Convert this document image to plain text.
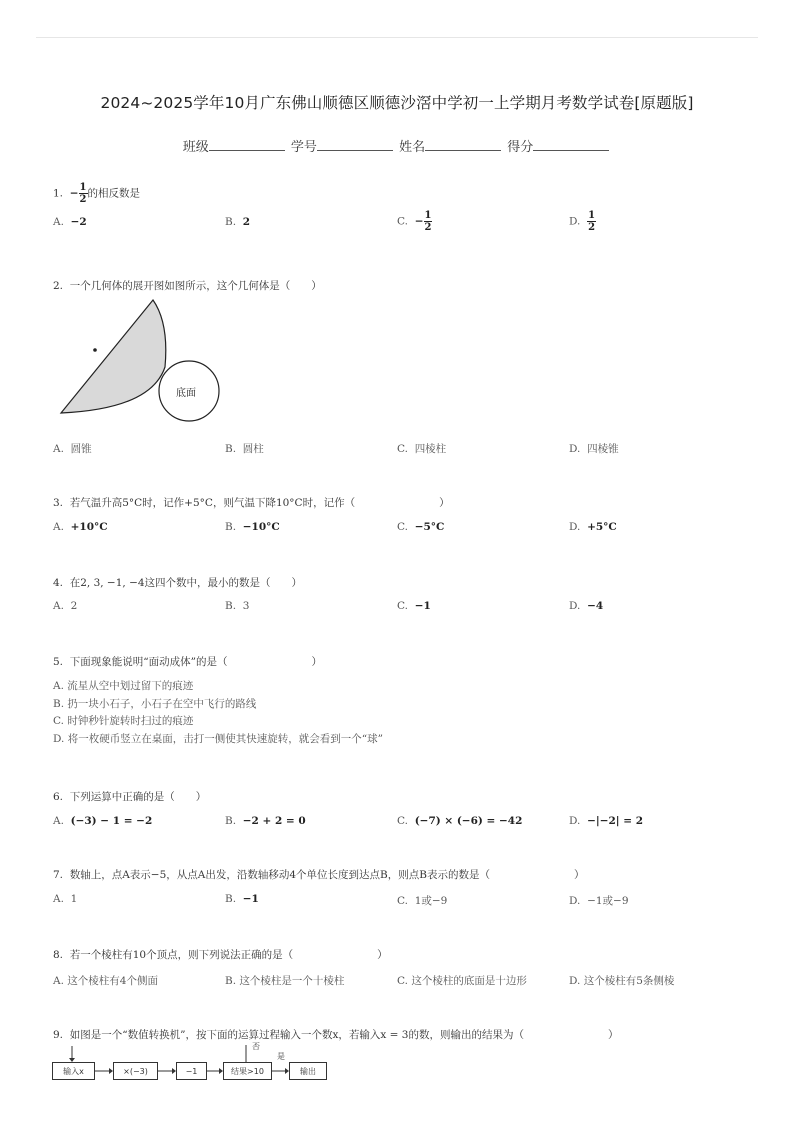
2024~2025学年10月广东佛山顺德区顺德沙滘中学初一上学期月考数学试卷[原题版]
班级	学号	姓名	得分
1. − $\frac{1}{2}$ 的相反数是
A. −2	B. 2	C. − $\frac{1}{2}$	D. $\frac{1}{2}$
2. 一个几何体的展开图如图所示，这个几何体是（　　）
底面
A. 圆锥	B. 圆柱	C. 四棱柱	D. 四棱锥
3. 若气温升高5°C时，记作+5°C，则气温下降10°C时，记作（　　　　　　　　）
A. +10°C	B. −10°C	C. −5°C	D. +5°C
4. 在2, 3, −1, −4这四个数中，最小的数是（　　）
A. 2	B. 3	C. −1	D. −4
5. 下面现象能说明“面动成体”的是（　　　　　　　　）
A. 流星从空中划过留下的痕迹
B. 扔一块小石子，小石子在空中飞行的路线
C. 时钟秒针旋转时扫过的痕迹
D. 将一枚硬币竖立在桌面，击打一侧使其快速旋转，就会看到一个“球”
6. 下列运算中正确的是（　　）
A. (−3) − 1 = −2	B. −2 + 2 = 0	C. (−7) × (−6) = −42	D. −|−2| = 2
7. 数轴上，点A表示−5，从点A出发，沿数轴移动4个单位长度到达点B，则点B表示的数是（　　　　　　　　）
A. 1	B. −1	C. 1或−9	D. −1或−9
8. 若一个棱柱有10个顶点，则下列说法正确的是（　　　　　　　　）
A. 这个棱柱有4个侧面	B. 这个棱柱是一个十棱柱	C. 这个棱柱的底面是十边形	D. 这个棱柱有5条侧棱
9. 如图是一个“数值转换机”，按下面的运算过程输入一个数x，若输入x = 3的数，则输出的结果为（　　　　　　　　）
输入x	×(−3)	−1	结果>10	输出
否
是
